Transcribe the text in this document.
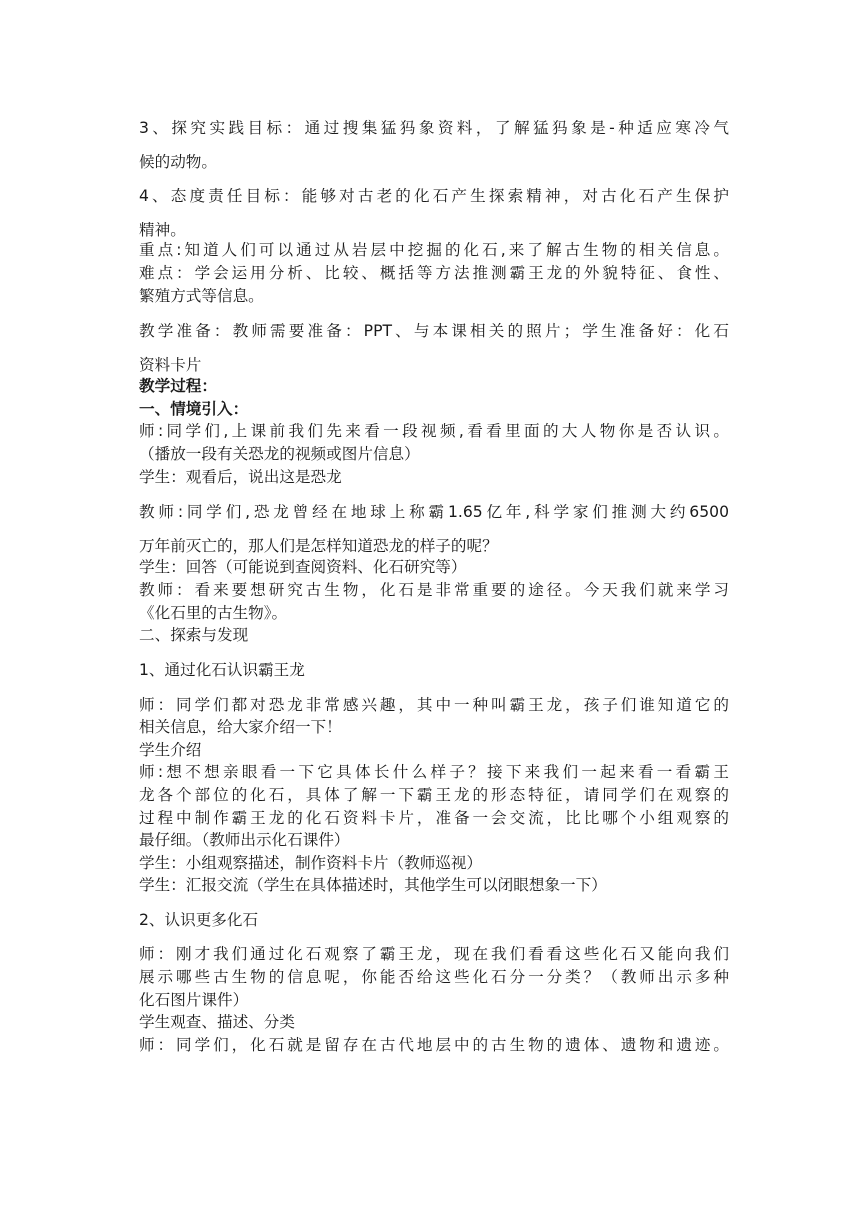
3、探究实践目标：通过搜集猛犸象资料，了解猛犸象是-种适应寒冷气
候的动物。
4、态度责任目标：能够对古老的化石产生探索精神，对古化石产生保护
精神。
重点:知道人们可以通过从岩层中挖掘的化石,来了解古生物的相关信息。
难点：学会运用分析、比较、概括等方法推测霸王龙的外貌特征、食性、
繁殖方式等信息。
教学准备：教师需要准备：PPT、与本课相关的照片；学生准备好：化石
资料卡片
教学过程：
一、情境引入：
师:同学们,上课前我们先来看一段视频,看看里面的大人物你是否认识。
（播放一段有关恐龙的视频或图片信息）
学生：观看后，说出这是恐龙
教师:同学们,恐龙曾经在地球上称霸1.65亿年,科学家们推测大约6500
万年前灭亡的，那人们是怎样知道恐龙的样子的呢？
学生：回答（可能说到查阅资料、化石研究等）
教师：看来要想研究古生物，化石是非常重要的途径。今天我们就来学习
《化石里的古生物》。
二、探索与发现
1、通过化石认识霸王龙
师：同学们都对恐龙非常感兴趣，其中一种叫霸王龙，孩子们谁知道它的
相关信息，给大家介绍一下！
学生介绍
师:想不想亲眼看一下它具体长什么样子？接下来我们一起来看一看霸王
龙各个部位的化石，具体了解一下霸王龙的形态特征，请同学们在观察的
过程中制作霸王龙的化石资料卡片，准备一会交流，比比哪个小组观察的
最仔细。（教师出示化石课件）
学生：小组观察描述，制作资料卡片（教师巡视）
学生：汇报交流（学生在具体描述时，其他学生可以闭眼想象一下）
2、认识更多化石
师：刚才我们通过化石观察了霸王龙，现在我们看看这些化石又能向我们
展示哪些古生物的信息呢，你能否给这些化石分一分类？（教师出示多种
化石图片课件）
学生观查、描述、分类
师：同学们，化石就是留存在古代地层中的古生物的遗体、遗物和遗迹。
